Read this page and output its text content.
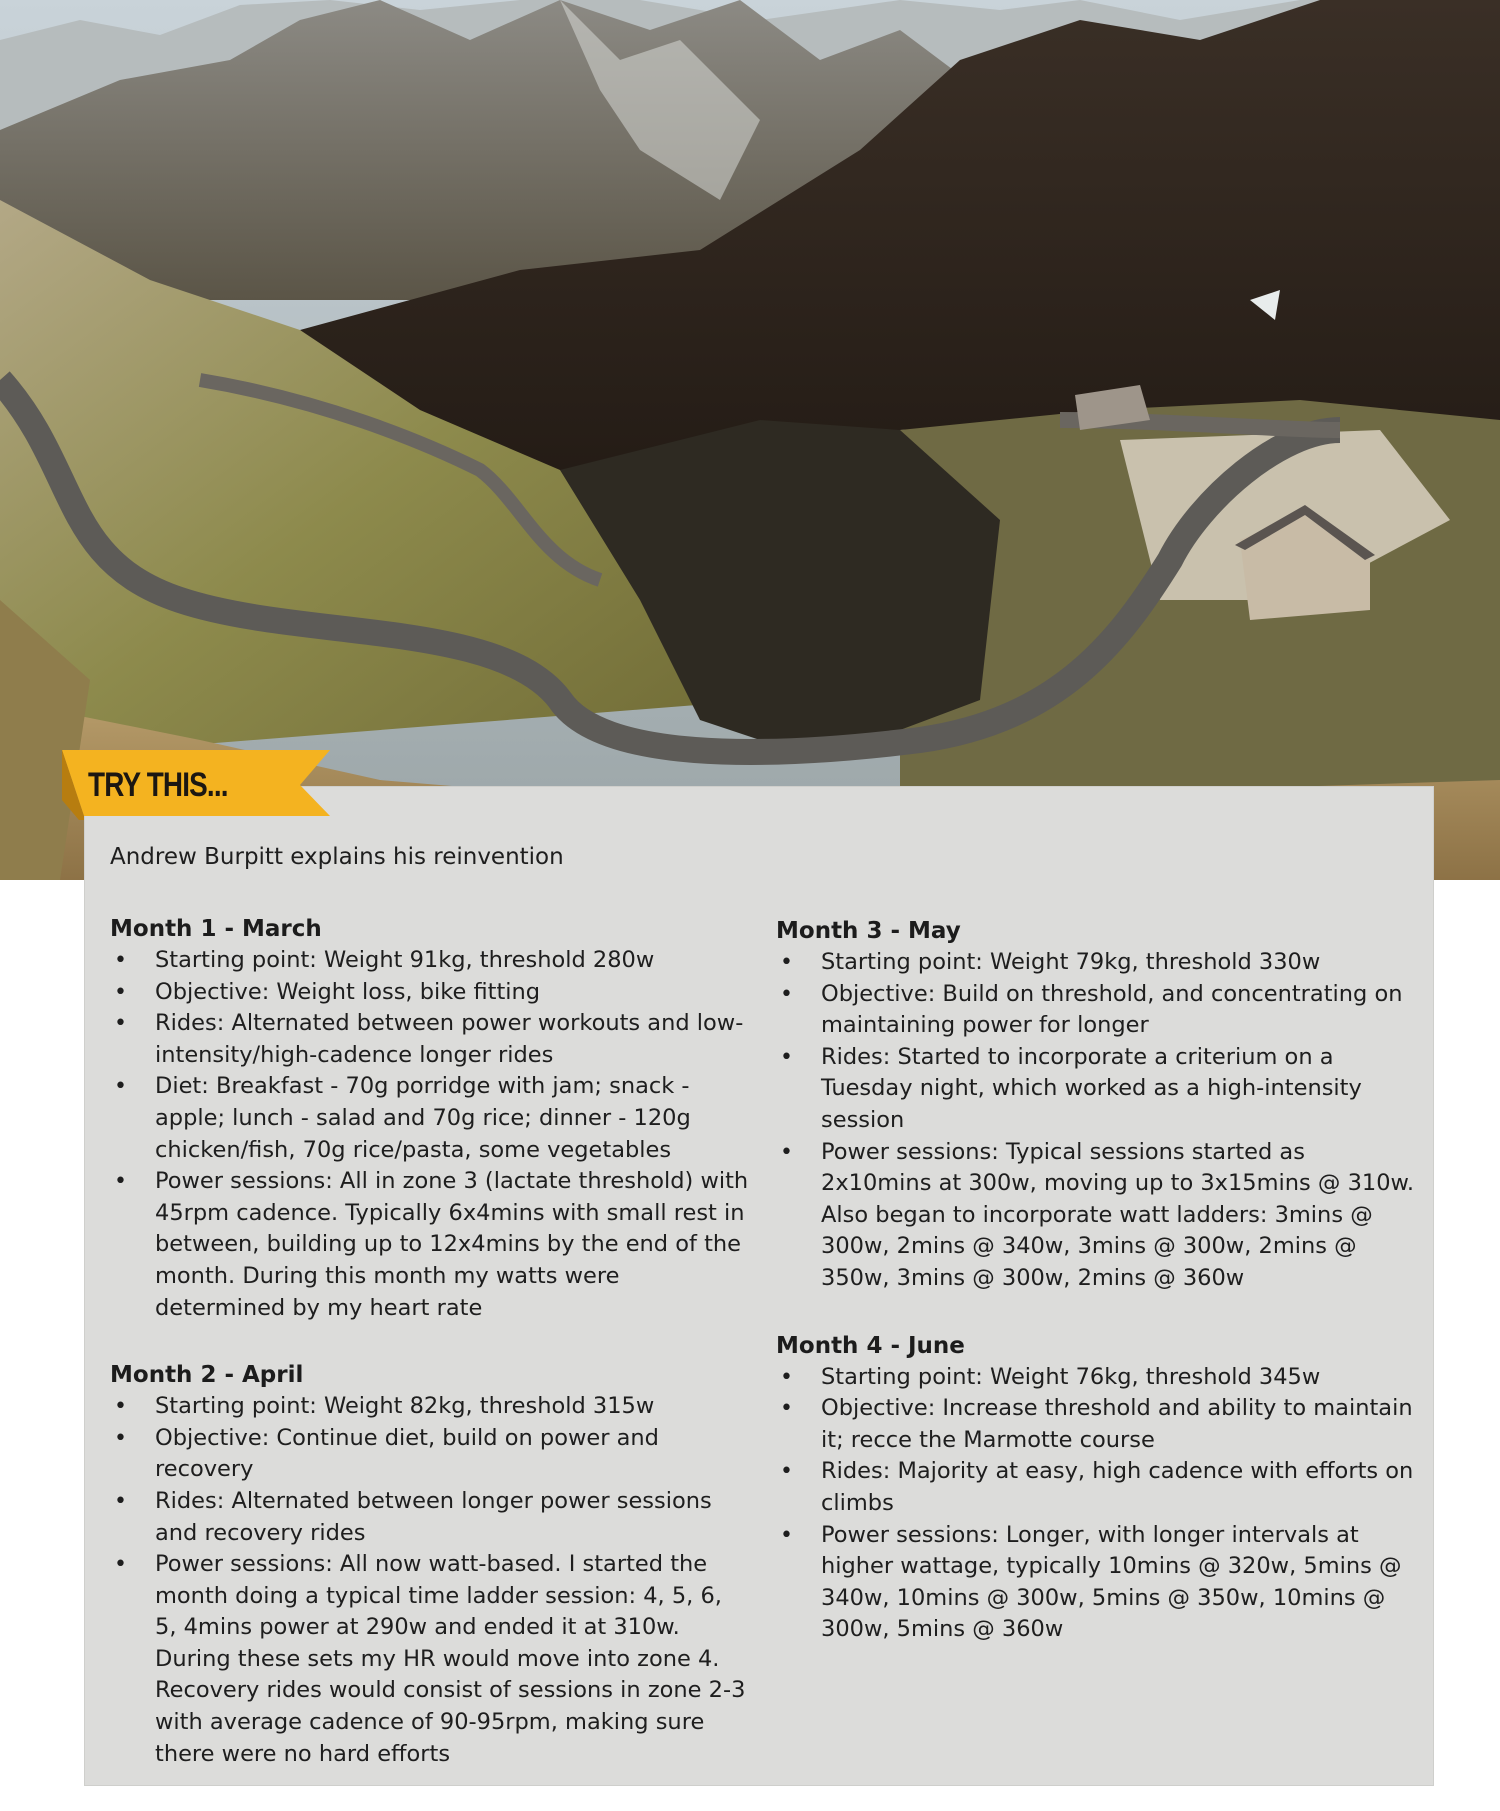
TRY THIS...
Andrew Burpitt explains his reinvention
Month 1 - March
• Starting point: Weight 91kg, threshold 280w
• Objective: Weight loss, bike fitting
• Rides: Alternated between power workouts and low-intensity/high-cadence longer rides
• Diet: Breakfast - 70g porridge with jam; snack - apple; lunch - salad and 70g rice; dinner - 120g chicken/fish, 70g rice/pasta, some vegetables
• Power sessions: All in zone 3 (lactate threshold) with 45rpm cadence. Typically 6x4mins with small rest in between, building up to 12x4mins by the end of the month. During this month my watts were determined by my heart rate
Month 2 - April
• Starting point: Weight 82kg, threshold 315w
• Objective: Continue diet, build on power and recovery
• Rides: Alternated between longer power sessions and recovery rides
• Power sessions: All now watt-based. I started the month doing a typical time ladder session: 4, 5, 6, 5, 4mins power at 290w and ended it at 310w. During these sets my HR would move into zone 4. Recovery rides would consist of sessions in zone 2-3 with average cadence of 90-95rpm, making sure there were no hard efforts
Month 3 - May
• Starting point: Weight 79kg, threshold 330w
• Objective: Build on threshold, and concentrating on maintaining power for longer
• Rides: Started to incorporate a criterium on a Tuesday night, which worked as a high-intensity session
• Power sessions: Typical sessions started as 2x10mins at 300w, moving up to 3x15mins @ 310w. Also began to incorporate watt ladders: 3mins @ 300w, 2mins @ 340w, 3mins @ 300w, 2mins @ 350w, 3mins @ 300w, 2mins @ 360w
Month 4 - June
• Starting point: Weight 76kg, threshold 345w
• Objective: Increase threshold and ability to maintain it; recce the Marmotte course
• Rides: Majority at easy, high cadence with efforts on climbs
• Power sessions: Longer, with longer intervals at higher wattage, typically 10mins @ 320w, 5mins @ 340w, 10mins @ 300w, 5mins @ 350w, 10mins @ 300w, 5mins @ 360w
